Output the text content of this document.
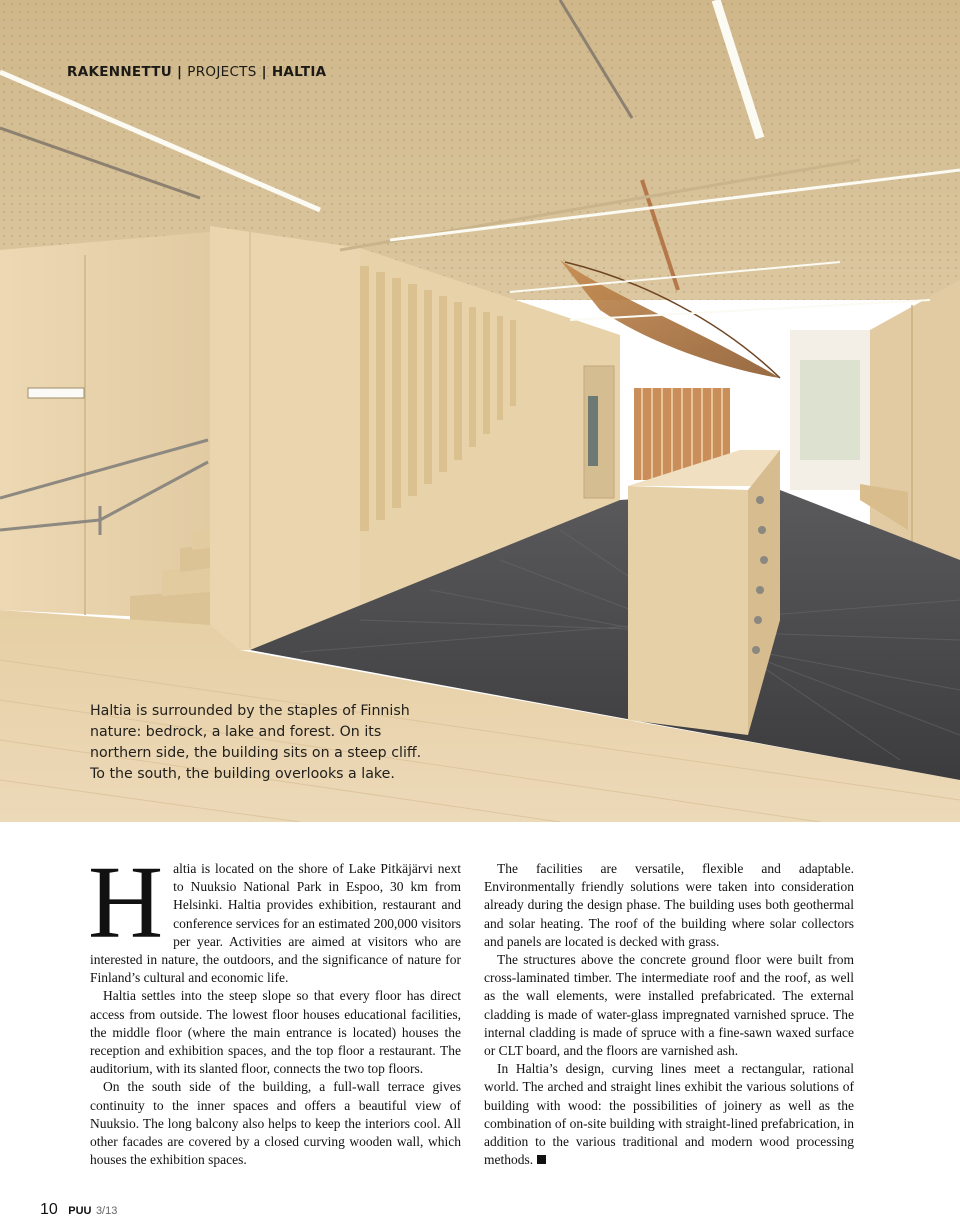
RAKENNETTU | PROJECTS | HALTIA
Haltia is surrounded by the staples of Finnish
nature: bedrock, a lake and forest. On its
northern side, the building sits on a steep cliff.
To the south, the building overlooks a lake.
H altia is located on the shore of Lake Pitkäjärvi next to Nuuksio National Park in Espoo, 30 km from Helsinki. Haltia provides exhibition, restaurant and conference services for an estimated 200,000 visitors per year. Activities are aimed at visitors who are interested in nature, the outdoors, and the significance of nature for Finland’s cultural and economic life.

Haltia settles into the steep slope so that every floor has direct access from outside. The lowest floor houses educational facilities, the middle floor (where the main entrance is located) houses the reception and exhibition spaces, and the top floor a restaurant. The auditorium, with its slanted floor, connects the two top floors.

On the south side of the building, a full-wall terrace gives continuity to the inner spaces and offers a beautiful view of Nuuksio. The long balcony also helps to keep the interiors cool. All other facades are covered by a closed curving wooden wall, which houses the exhibition spaces.

The facilities are versatile, flexible and adaptable. Environmentally friendly solutions were taken into consideration already during the design phase. The building uses both geothermal and solar heating. The roof of the building where solar collectors and panels are located is decked with grass.

The structures above the concrete ground floor were built from cross-laminated timber. The intermediate roof and the roof, as well as the wall elements, were installed prefabricated. The external cladding is made of water-glass impregnated varnished spruce. The internal cladding is made of spruce with a fine-sawn waxed surface or CLT board, and the floors are varnished ash.

In Haltia’s design, curving lines meet a rectangular, rational world. The arched and straight lines exhibit the various solutions of building with wood: the possibilities of joinery as well as the combination of on-site building with straight-lined prefabrication, in addition to the various traditional and modern wood processing methods.

10 PUU 3/13
